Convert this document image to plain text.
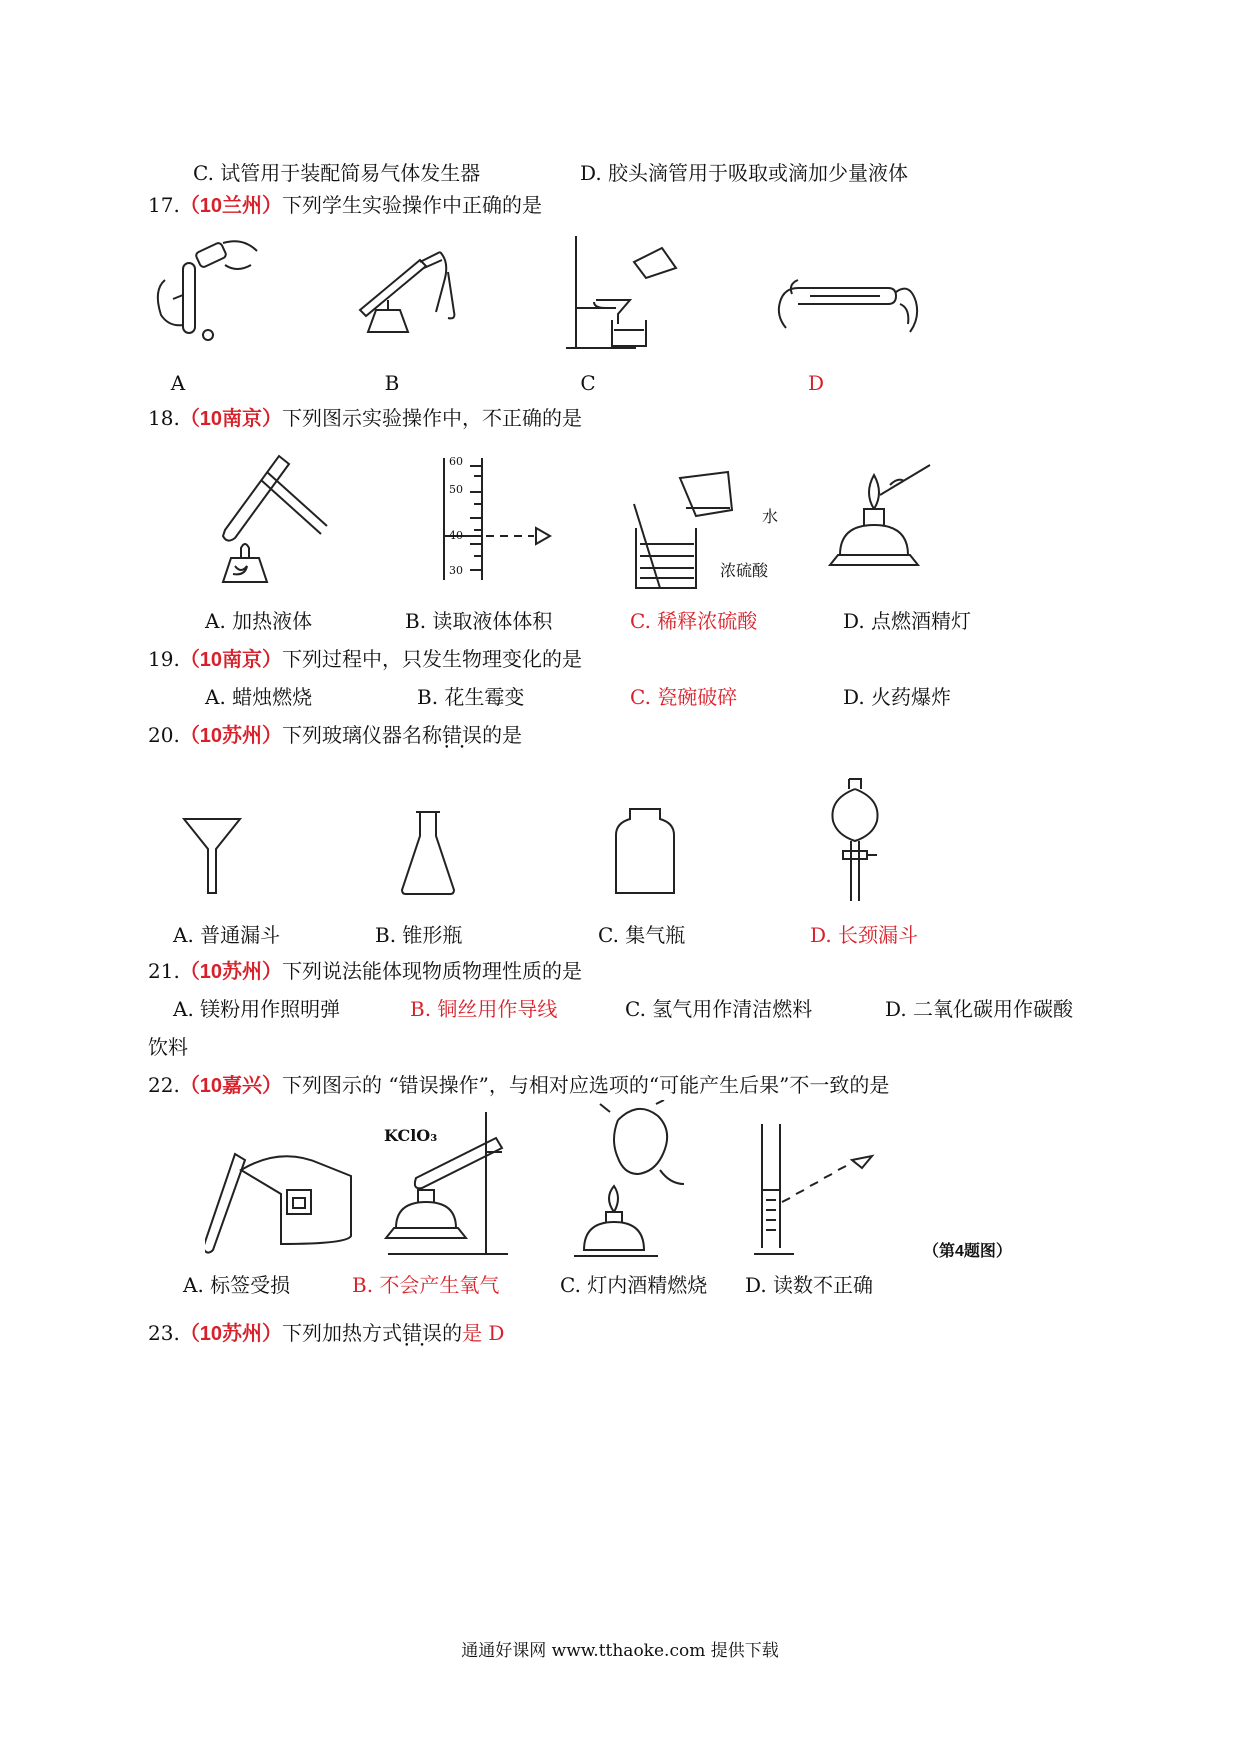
C. 试管用于装配简易气体发生器	D. 胶头滴管用于吸取或滴加少量液体
17.（10兰州）下列学生实验操作中正确的是
A	B	C	D
18.（10南京）下列图示实验操作中，不正确的是
60
50
40
30
水
浓硫酸
A. 加热液体	B. 读取液体体积	C. 稀释浓硫酸	D. 点燃酒精灯
19.（10南京）下列过程中，只发生物理变化的是
A. 蜡烛燃烧	B. 花生霉变	C. 瓷碗破碎	D. 火药爆炸
20.（10苏州）下列玻璃仪器名称错误 ••的是
A. 普通漏斗	B. 锥形瓶	C. 集气瓶	D. 长颈漏斗
21.（10苏州）下列说法能体现物质物理性质的是
A. 镁粉用作照明弹	B. 铜丝用作导线	C. 氢气用作清洁燃料	D. 二氧化碳用作碳酸
饮料
22.（10嘉兴）下列图示的 “错误操作”，与相对应选项的“可能产生后果”不一致的是
KClO₃
（第4题图）
A. 标签受损	B. 不会产生氧气	C. 灯内酒精燃烧 D. 读数不正确
23.（10苏州）下列加热方式错误 ••的是 D
通通好课网 www.tthaoke.com 提供下载
